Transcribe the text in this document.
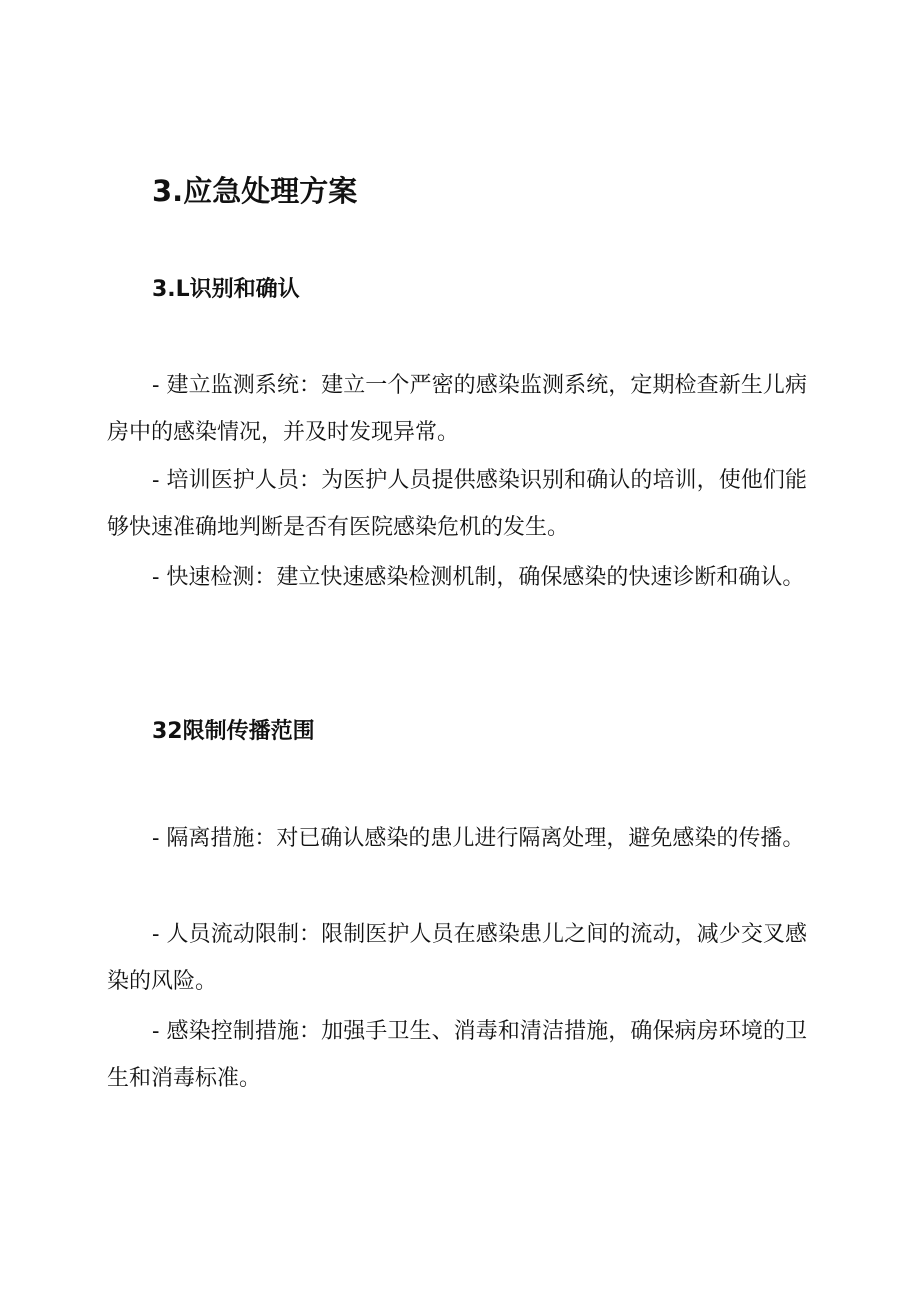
3.应急处理方案
3.L识别和确认

- 建立监测系统：建立一个严密的感染监测系统，定期检查新生儿病房中的感染情况，并及时发现异常。

- 培训医护人员：为医护人员提供感染识别和确认的培训，使他们能够快速准确地判断是否有医院感染危机的发生。

- 快速检测：建立快速感染检测机制，确保感染的快速诊断和确认。

32限制传播范围

- 隔离措施：对已确认感染的患儿进行隔离处理，避免感染的传播。

- 人员流动限制：限制医护人员在感染患儿之间的流动，减少交叉感染的风险。

- 感染控制措施：加强手卫生、消毒和清洁措施，确保病房环境的卫生和消毒标准。
